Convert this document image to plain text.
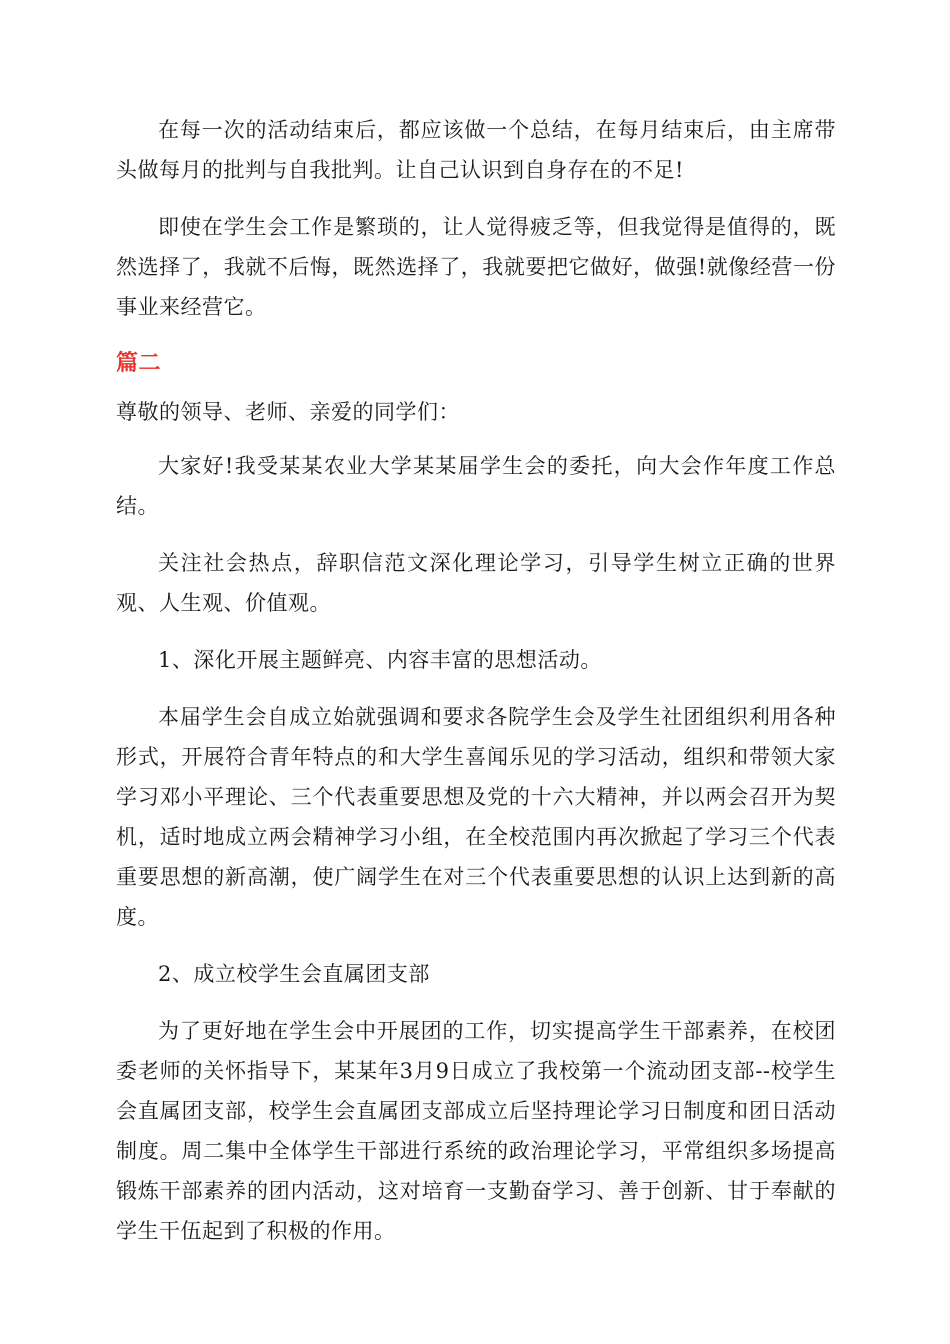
在每一次的活动结束后，都应该做一个总结，在每月结束后，由主席带头做每月的批判与自我批判。让自己认识到自身存在的不足!

即使在学生会工作是繁琐的，让人觉得疲乏等，但我觉得是值得的，既然选择了，我就不后悔，既然选择了，我就要把它做好，做强!就像经营一份事业来经营它。

篇二

尊敬的领导、老师、亲爱的同学们：

大家好!我受某某农业大学某某届学生会的委托，向大会作年度工作总结。

关注社会热点，辞职信范文深化理论学习，引导学生树立正确的世界观、人生观、价值观。

1、深化开展主题鲜亮、内容丰富的思想活动。

本届学生会自成立始就强调和要求各院学生会及学生社团组织利用各种形式，开展符合青年特点的和大学生喜闻乐见的学习活动，组织和带领大家学习邓小平理论、三个代表重要思想及党的十六大精神，并以两会召开为契机，适时地成立两会精神学习小组，在全校范围内再次掀起了学习三个代表重要思想的新高潮，使广阔学生在对三个代表重要思想的认识上达到新的高度。

2、成立校学生会直属团支部

为了更好地在学生会中开展团的工作，切实提高学生干部素养，在校团委老师的关怀指导下，某某年3月9日成立了我校第一个流动团支部--校学生会直属团支部，校学生会直属团支部成立后坚持理论学习日制度和团日活动制度。周二集中全体学生干部进行系统的政治理论学习，平常组织多场提高锻炼干部素养的团内活动，这对培育一支勤奋学习、善于创新、甘于奉献的学生干伍起到了积极的作用。
